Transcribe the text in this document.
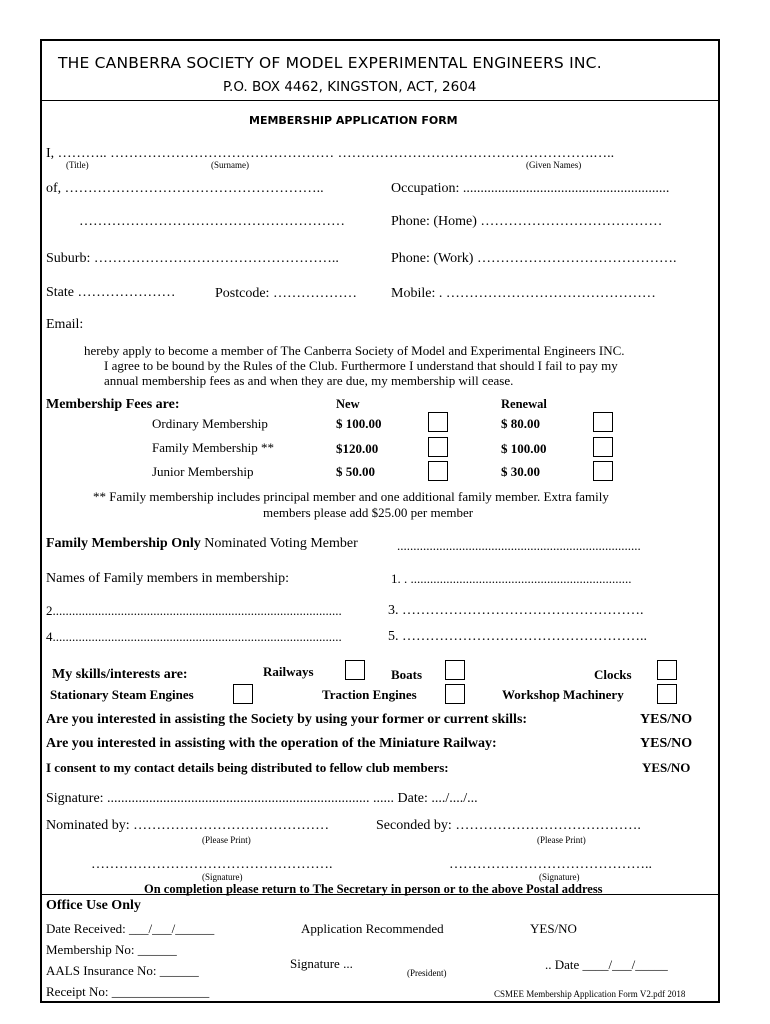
THE CANBERRA SOCIETY OF MODEL EXPERIMENTAL ENGINEERS INC.
P.O. BOX 4462, KINGSTON, ACT, 2604
MEMBERSHIP APPLICATION FORM
I, ……….. ………………………………………… ……………………………………………….…..
(Title)	(Surname)	(Given Names)
of, ………………………………………………..	Occupation: ...........................................................
…………………………………………………	Phone: (Home) …………………………………
Suburb: ……………………………………………..	Phone: (Work) …………………………………….
State …………………	Postcode: ……………… Mobile: . ………………………………………
Email:
hereby apply to become a member of The Canberra Society of Model and Experimental Engineers INC.
I agree to be bound by the Rules of the Club. Furthermore I understand that should I fail to pay my
annual membership fees as and when they are due, my membership will cease.
Membership Fees are:	New	Renewal
Ordinary Membership	$ 100.00	$ 80.00
Family Membership **	$120.00	$ 100.00
Junior Membership	$ 50.00	$ 30.00
** Family membership includes principal member and one additional family member. Extra family
members please add $25.00 per member
Family Membership Only Nominated Voting Member	...........................................................................
Names of Family members in membership:	1. . ....................................................................
2.........................................................................................	3. …………………………………………….
4.........................................................................................	5. ……………………………………………..
My skills/interests are:	Railways	Boats	Clocks
Stationary Steam Engines	Traction Engines	Workshop Machinery
Are you interested in assisting the Society by using your former or current skills:	YES/NO
Are you interested in assisting with the operation of the Miniature Railway:	YES/NO
I consent to my contact details being distributed to fellow club members:	YES/NO
Signature: ........................................................................... ...... Date: ..../..../...
Nominated by: ……………………………………	Seconded by: ………………………………….
(Please Print)	(Please Print)
…………………………………………….	……………………………………..
(Signature)	(Signature)
On completion please return to The Secretary in person or to the above Postal address
Office Use Only
Date Received: ___/___/______	Application Recommended	YES/NO
Membership No: ______
Signature ...	.. Date ____/___/_____
(President)
AALS Insurance No: ______
Receipt No: _______________	CSMEE Membership Application Form V2.pdf 2018
